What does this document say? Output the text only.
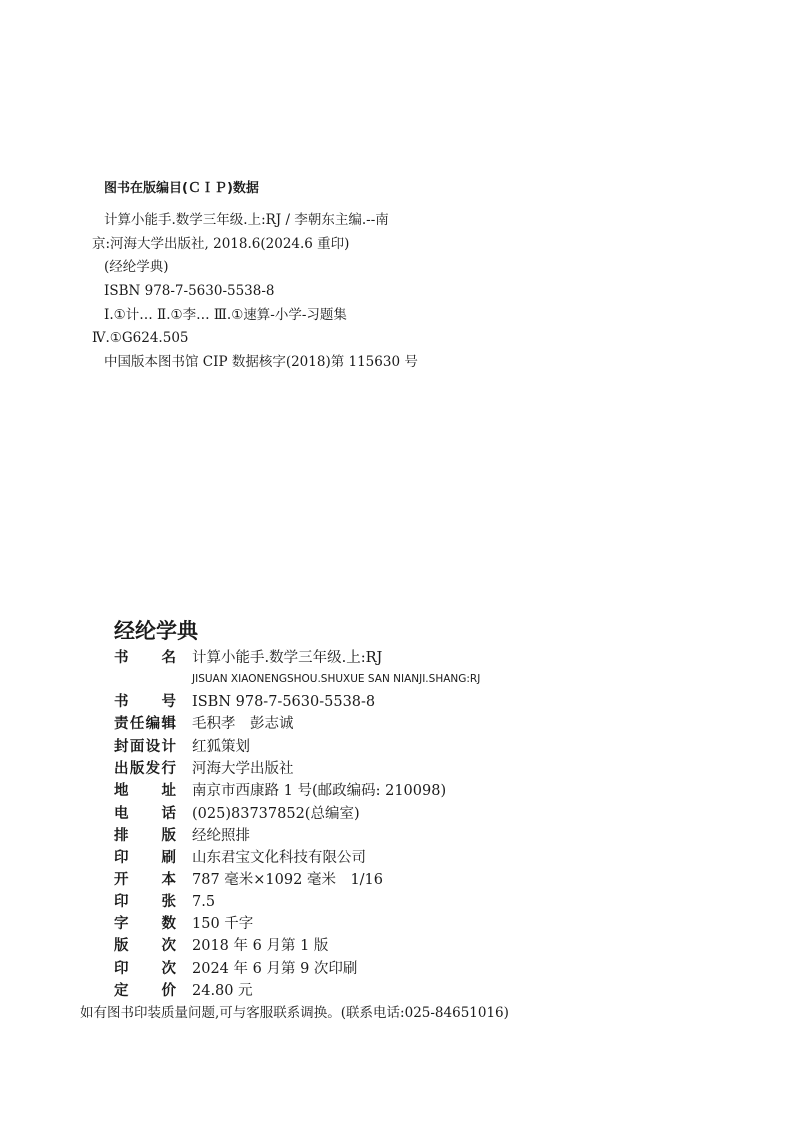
图书在版编目(ＣＩＰ)数据
计算小能手.数学三年级.上:RJ / 李朝东主编.--南
京:河海大学出版社, 2018.6(2024.6 重印)
(经纶学典)
ISBN 978-7-5630-5538-8
Ⅰ.①计… Ⅱ.①李… Ⅲ.①速算-小学-习题集
Ⅳ.①G624.505
中国版本图书馆 CIP 数据核字(2018)第 115630 号
经纶学典
书名 计算小能手.数学三年级.上:RJ
JISUAN XIAONENGSHOU.SHUXUE SAN NIANJI.SHANG:RJ
书号 ISBN 978-7-5630-5538-8
责任编辑 毛积孝　彭志诚
封面设计 红狐策划
出版发行 河海大学出版社
地址 南京市西康路 1 号(邮政编码: 210098)
电话 (025)83737852(总编室)
排版 经纶照排
印刷 山东君宝文化科技有限公司
开本 787 毫米×1092 毫米　1/16
印张 7.5
字数 150 千字
版次 2018 年 6 月第 1 版
印次 2024 年 6 月第 9 次印刷
定价 24.80 元
如有图书印装质量问题,可与客服联系调换。(联系电话:025-84651016)
